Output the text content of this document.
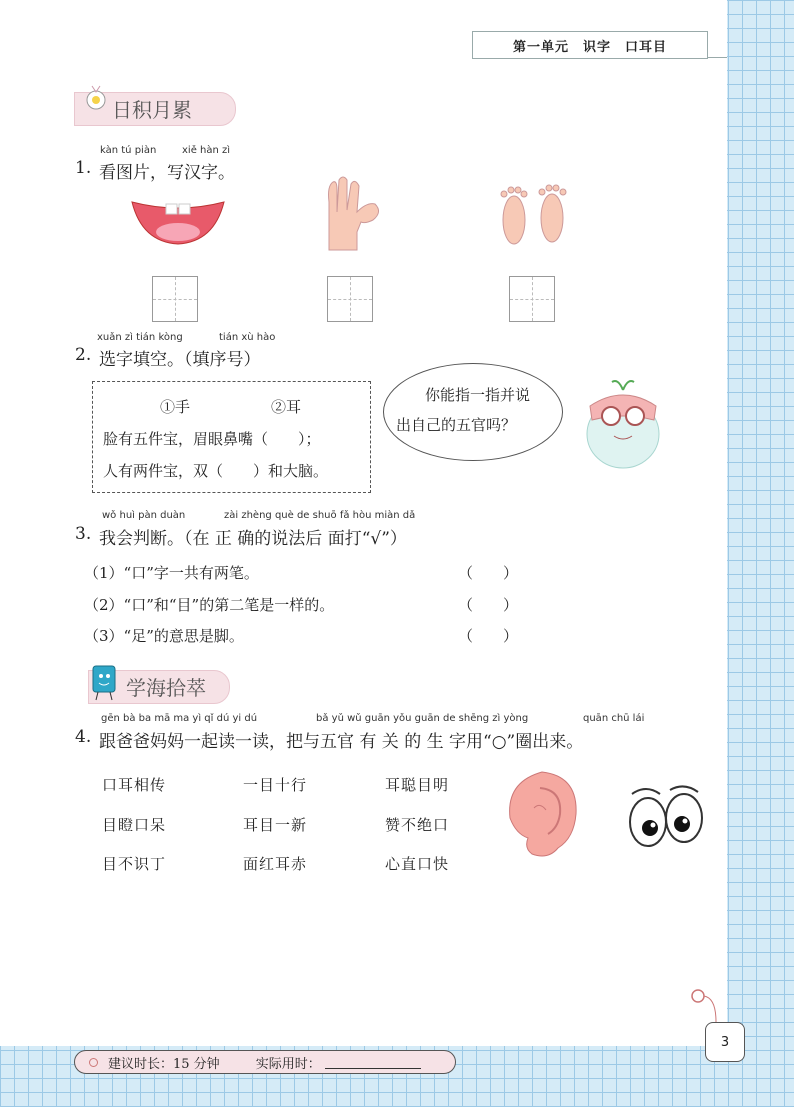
第一单元　识字　口耳目
日积月累
kàn tú piàn	xiě hàn zì
1. 看图片，写汉字。
xuǎn zì tián kòng	tián xù hào
2. 选字填空。（填序号）
①手	②耳
脸有五件宝，眉眼鼻嘴（　　）；
人有两件宝，双（　　）和大脑。
你能指一指并说
出自己的五官吗？
wǒ huì pàn duàn	zài zhèng què de shuō fǎ hòu miàn dǎ
3. 我会判断。（在 正 确的说法后 面打“√”）
（1）“口”字一共有两笔。	（　　）
（2）“口”和“目”的第二笔是一样的。	（　　）
（3）“足”的意思是脚。	（　　）
学海拾萃
gēn bà ba mā ma yì qǐ dú yi dú	bǎ yǔ wǔ guān yǒu guān de shēng zì yòng	quān chū lái
4. 跟爸爸妈妈一起读一读，把与五官 有 关 的 生 字用“○”圈出来。
口耳相传	一目十行	耳聪目明
目瞪口呆	耳目一新	赞不绝口
目不识丁	面红耳赤	心直口快
3
建议时长：15 分钟	实际用时：
